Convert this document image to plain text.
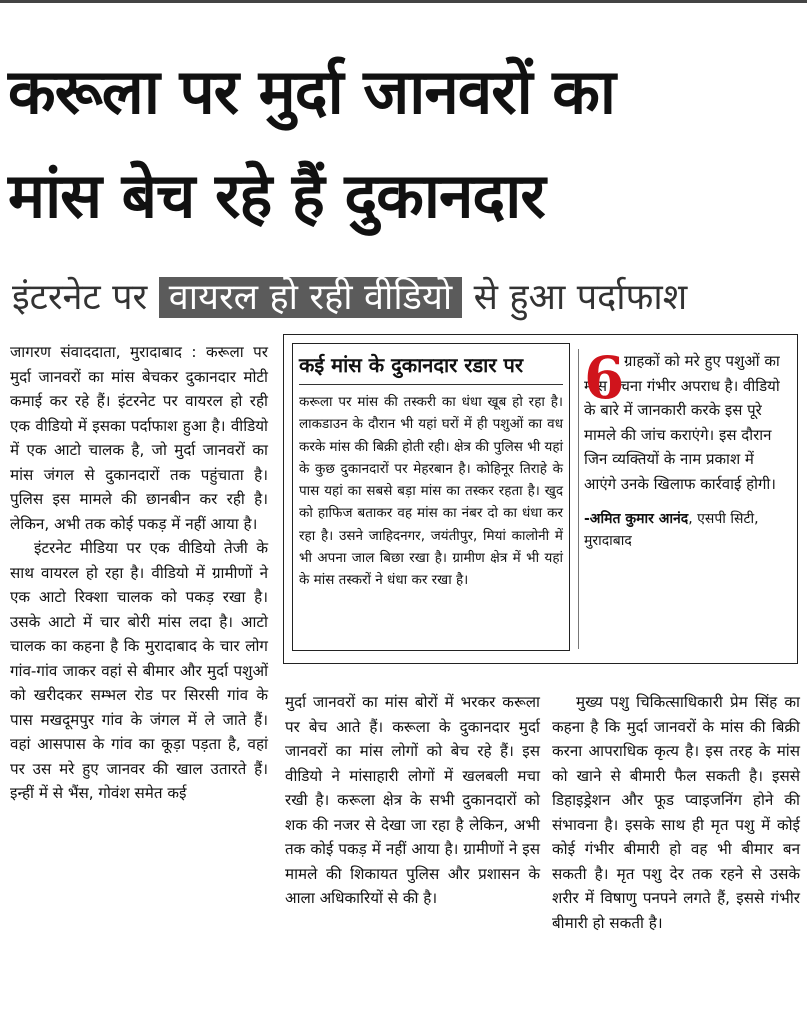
करूला पर मुर्दा जानवरों का
मांस बेच रहे हैं दुकानदार
इंटरनेट पर वायरल हो रही वीडियो से हुआ पर्दाफाश

जागरण संवाददाता, मुरादाबाद : करूला पर मुर्दा जानवरों का मांस बेचकर दुकानदार मोटी कमाई कर रहे हैं। इंटरनेट पर वायरल हो रही एक वीडियो में इसका पर्दाफाश हुआ है। वीडियो में एक आटो चालक है, जो मुर्दा जानवरों का मांस जंगल से दुकानदारों तक पहुंचाता है। पुलिस इस मामले की छानबीन कर रही है। लेकिन, अभी तक कोई पकड़ में नहीं आया है।

इंटरनेट मीडिया पर एक वीडियो तेजी के साथ वायरल हो रहा है। वीडियो में ग्रामीणों ने एक आटो रिक्शा चालक को पकड़ रखा है। उसके आटो में चार बोरी मांस लदा है। आटो चालक का कहना है कि मुरादाबाद के चार लोग गांव-गांव जाकर वहां से बीमार और मुर्दा पशुओं को खरीदकर सम्भल रोड पर सिरसी गांव के पास मखदूमपुर गांव के जंगल में ले जाते हैं। वहां आसपास के गांव का कूड़ा पड़ता है, वहां पर उस मरे हुए जानवर की खाल उतारते हैं। इन्हीं में से भैंस, गोवंश समेत कई

कई मांस के दुकानदार रडार पर
करूला पर मांस की तस्करी का धंधा खूब हो रहा है। लाकडाउन के दौरान भी यहां घरों में ही पशुओं का वध करके मांस की बिक्री होती रही। क्षेत्र की पुलिस भी यहां के कुछ दुकानदारों पर मेहरबान है। कोहिनूर तिराहे के पास यहां का सबसे बड़ा मांस का तस्कर रहता है। खुद को हाफिज बताकर वह मांस का नंबर दो का धंधा कर रहा है। उसने जाहिदनगर, जयंतीपुर, मियां कालोनी में भी अपना जाल बिछा रखा है। ग्रामीण क्षेत्र में भी यहां के मांस तस्करों ने धंधा कर रखा है।
6 ग्राहकों को मरे हुए पशुओं का मांस बेचना गंभीर अपराध है। वीडियो के बारे में जानकारी करके इस पूरे मामले की जांच कराएंगे। इस दौरान जिन व्यक्तियों के नाम प्रकाश में आएंगे उनके खिलाफ कार्रवाई होगी।

-अमित कुमार आनंद, एसपी सिटी, मुरादाबाद

मुर्दा जानवरों का मांस बोरों में भरकर करूला पर बेच आते हैं। करूला के दुकानदार मुर्दा जानवरों का मांस लोगों को बेच रहे हैं। इस वीडियो ने मांसाहारी लोगों में खलबली मचा रखी है। करूला क्षेत्र के सभी दुकानदारों को शक की नजर से देखा जा रहा है लेकिन, अभी तक कोई पकड़ में नहीं आया है। ग्रामीणों ने इस मामले की शिकायत पुलिस और प्रशासन के आला अधिकारियों से की है।

मुख्य पशु चिकित्साधिकारी प्रेम सिंह का कहना है कि मुर्दा जानवरों के मांस की बिक्री करना आपराधिक कृत्य है। इस तरह के मांस को खाने से बीमारी फैल सकती है। इससे डिहाइड्रेशन और फूड प्वाइजनिंग होने की संभावना है। इसके साथ ही मृत पशु में कोई कोई गंभीर बीमारी हो वह भी बीमार बन सकती है। मृत पशु देर तक रहने से उसके शरीर में विषाणु पनपने लगते हैं, इससे गंभीर बीमारी हो सकती है।
